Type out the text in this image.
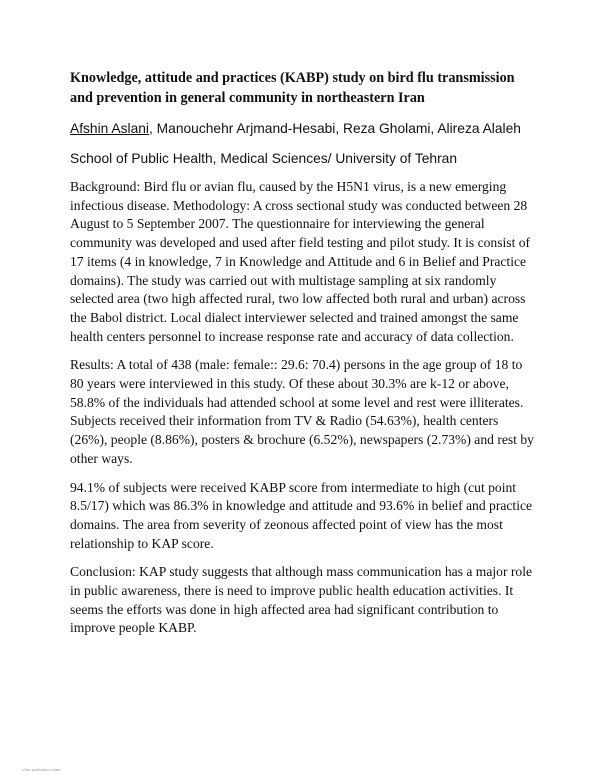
Knowledge, attitude and practices (KABP) study on bird flu transmission and prevention in general community in northeastern Iran
Afshin Aslani, Manouchehr Arjmand-Hesabi, Reza Gholami, Alireza Alaleh
School of Public Health, Medical Sciences/ University of Tehran

Background: Bird flu or avian flu, caused by the H5N1 virus, is a new emerging infectious disease. Methodology: A cross sectional study was conducted between 28 August to 5 September 2007. The questionnaire for interviewing the general community was developed and used after field testing and pilot study. It is consist of 17 items (4 in knowledge, 7 in Knowledge and Attitude and 6 in Belief and Practice domains). The study was carried out with multistage sampling at six randomly selected area (two high affected rural, two low affected both rural and urban) across the Babol district. Local dialect interviewer selected and trained amongst the same health centers personnel to increase response rate and accuracy of data collection.

Results: A total of 438 (male: female:: 29.6: 70.4) persons in the age group of 18 to 80 years were interviewed in this study. Of these about 30.3% are k-12 or above, 58.8% of the individuals had attended school at some level and rest were illiterates. Subjects received their information from TV & Radio (54.63%), health centers (26%), people (8.86%), posters & brochure (6.52%), newspapers (2.73%) and rest by other ways.

94.1% of subjects were received KABP score from intermediate to high (cut point 8.5/17) which was 86.3% in knowledge and attitude and 93.6% in belief and practice domains. The area from severity of zeonous affected point of view has the most relationship to KAP score.

Conclusion: KAP study suggests that although mass communication has a major role in public awareness, there is need to improve public health education activities. It seems the efforts was done in high affected area had significant contribution to improve people KABP.

View publication stats
